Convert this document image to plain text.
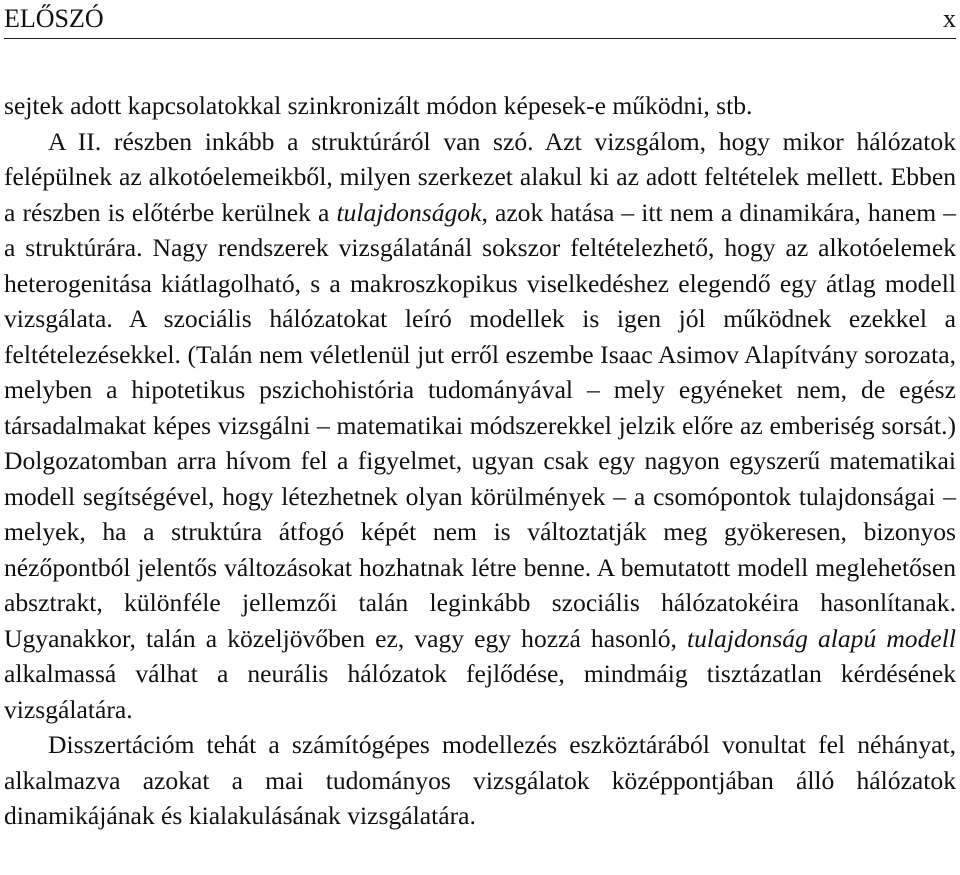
ELŐSZÓ	x

sejtek adott kapcsolatokkal szinkronizált módon képesek-e működni, stb.

A II. részben inkább a struktúráról van szó. Azt vizsgálom, hogy mikor hálózatok felépülnek az alkotóelemeikből, milyen szerkezet alakul ki az adott feltételek mellett. Ebben a részben is előtérbe kerülnek a tulajdonságok, azok hatása – itt nem a dinamikára, hanem – a struktúrára. Nagy rendszerek vizsgálatánál sokszor feltételezhető, hogy az alkotóelemek heterogenitása kiátlagolható, s a makroszkopikus viselkedéshez elegendő egy átlag modell vizsgálata. A szociális hálózatokat leíró modellek is igen jól működnek ezekkel a feltételezésekkel. (Talán nem véletlenül jut erről eszembe Isaac Asimov Alapítvány sorozata, melyben a hipotetikus pszichohistória tudományával – mely egyéneket nem, de egész társadalmakat képes vizsgálni – matematikai módszerekkel jelzik előre az emberiség sorsát.) Dolgozatomban arra hívom fel a figyelmet, ugyan csak egy nagyon egyszerű matematikai modell segítségével, hogy létezhetnek olyan körülmények – a csomópontok tulajdonságai – melyek, ha a struktúra átfogó képét nem is változtatják meg gyökeresen, bizonyos nézőpontból jelentős változásokat hozhatnak létre benne. A bemutatott modell meglehetősen absztrakt, különféle jellemzői talán leginkább szociális hálózatokéira hasonlítanak. Ugyanakkor, talán a közeljövőben ez, vagy egy hozzá hasonló, tulajdonság alapú modell alkalmassá válhat a neurális hálózatok fejlődése, mindmáig tisztázatlan kérdésének vizsgálatára.

Disszertációm tehát a számítógépes modellezés eszköztárából vonultat fel néhányat, alkalmazva azokat a mai tudományos vizsgálatok középpontjában álló hálózatok dinamikájának és kialakulásának vizsgálatára.
